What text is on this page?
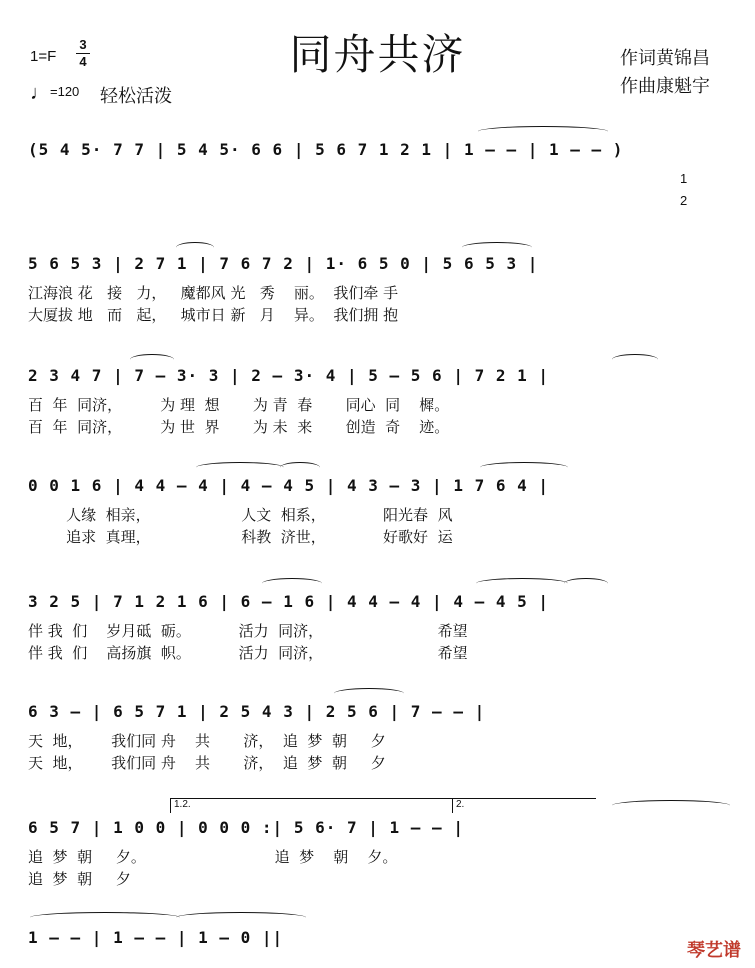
同舟共济
1=F
3
4
♩=120 轻松活泼
作词黄锦昌
作曲康魁宇
1
2
(5 4 5· 7 7 | 5 4 5· 6 6 | 5 6 7 1 2 1 | 1 – – | 1 – – )
5 6 5 3 | 2 7 1 | 7 6 7 2 | 1· 6 5 0 | 5 6 5 3 |
江海浪 花   接   力，   魔都风 光   秀    丽。  我们牵 手
大厦拔 地   而   起，   城市日 新   月    异。  我们拥 抱
2 3 4 7 | 7 – 3· 3 | 2 – 3· 4 | 5 – 5 6 | 7 2 1 |
百  年  同济，        为 理  想       为 青  春       同心  同    樨。
百  年  同济，        为 世  界       为 未  来       创造  奇    迹。
0 0 1 6 | 4 4 – 4 | 4 – 4 5 | 4 3 – 3 | 1 7 6 4 |
人缘  相亲，                   人文  相系，            阳光春  风
追求  真理，                   科教  济世，            好歌好  运
3 2 5 | 7 1 2 1 6 | 6 – 1 6 | 4 4 – 4 | 4 – 4 5 |
伴 我  们    岁月砥  砺。          活力  同济，                        希望
伴 我  们    高扬旗  帜。          活力  同济，                        希望
6 3 – | 6 5 7 1 | 2 5 4 3 | 2 5 6 | 7 – – |
天  地，      我们同 舟    共       济，  追  梦  朝     夕
天  地，      我们同 舟    共       济，  追  梦  朝     夕
1.2.	2.
6 5 7 | 1 0 0 | 0 0 0 :| 5 6· 7 | 1 – – |
追  梦  朝     夕。                           追  梦    朝    夕。
追  梦  朝     夕
1 – – | 1 – – | 1 – 0 ||
琴艺谱
